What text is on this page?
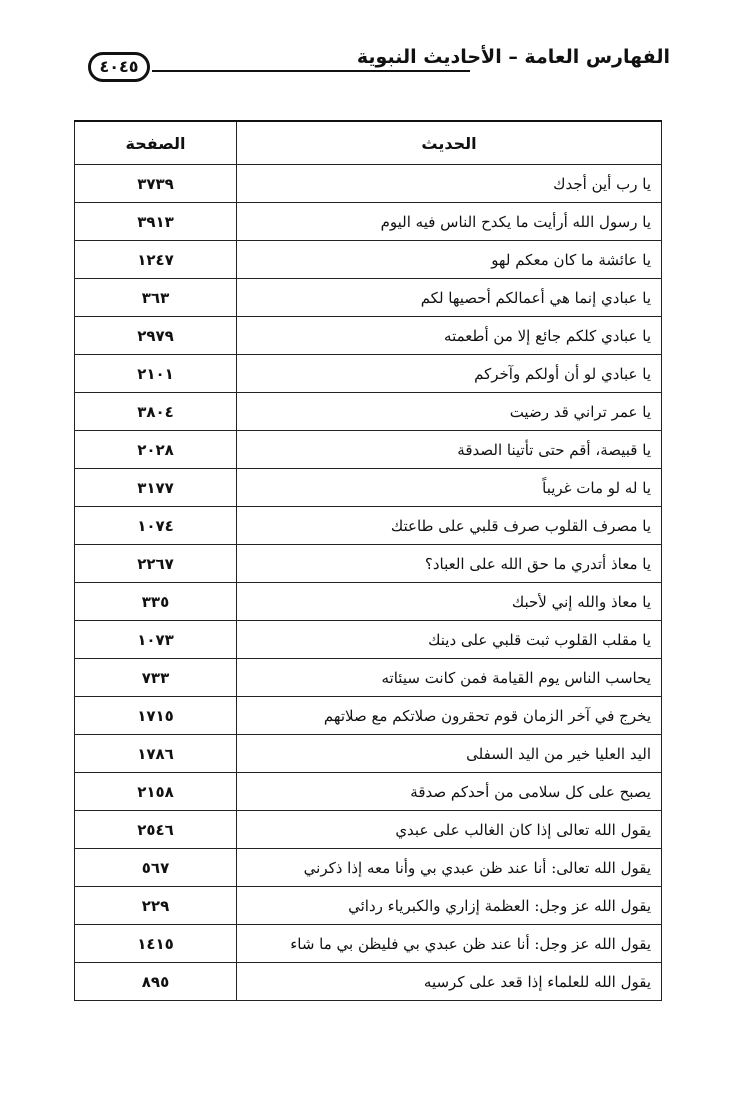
الفهارس العامة – الأحاديث النبوية
٤٠٤٥
الحديث	الصفحة
يا رب أين أجدك	٣٧٣٩
يا رسول الله أرأيت ما يكدح الناس فيه اليوم	٣٩١٣
يا عائشة ما كان معكم لهو	١٢٤٧
يا عبادي إنما هي أعمالكم أحصيها لكم	٣٦٣
يا عبادي كلكم جائع إلا من أطعمته	٢٩٧٩
يا عبادي لو أن أولكم وآخركم	٢١٠١
يا عمر تراني قد رضيت	٣٨٠٤
يا قبيصة، أقم حتى تأتينا الصدقة	٢٠٢٨
يا له لو مات غريباً	٣١٧٧
يا مصرف القلوب صرف قلبي على طاعتك	١٠٧٤
يا معاذ أتدري ما حق الله على العباد؟	٢٢٦٧
يا معاذ والله إني لأحبك	٣٣٥
يا مقلب القلوب ثبت قلبي على دينك	١٠٧٣
يحاسب الناس يوم القيامة فمن كانت سيئاته	٧٣٣
يخرج في آخر الزمان قوم تحقرون صلاتكم مع صلاتهم	١٧١٥
اليد العليا خير من اليد السفلى	١٧٨٦
يصبح على كل سلامى من أحدكم صدقة	٢١٥٨
يقول الله تعالى إذا كان الغالب على عبدي	٢٥٤٦
يقول الله تعالى: أنا عند ظن عبدي بي وأنا معه إذا ذكرني	٥٦٧
يقول الله عز وجل: العظمة إزاري والكبرياء ردائي	٢٢٩
يقول الله عز وجل: أنا عند ظن عبدي بي فليظن بي ما شاء	١٤١٥
يقول الله للعلماء إذا قعد على كرسيه	٨٩٥
